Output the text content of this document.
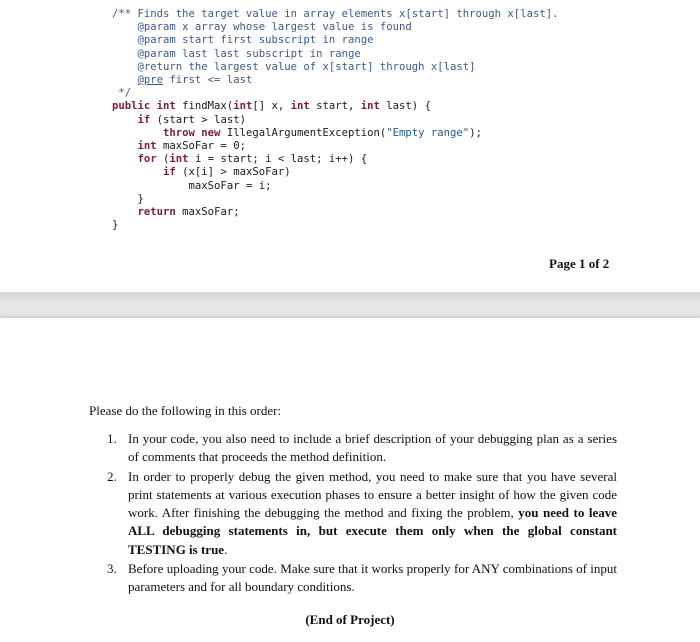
/** Finds the target value in array elements x[start] through x[last].
@param x array whose largest value is found
@param start first subscript in range
@param last last subscript in range
@return the largest value of x[start] through x[last]
@pre first <= last
*/
public int findMax(int[] x, int start, int last) {
if (start > last)
throw new IllegalArgumentException("Empty range");
int maxSoFar = 0;
for (int i = start; i < last; i++) {
if (x[i] > maxSoFar)
maxSoFar = i;
}
return maxSoFar;
}
Page 1 of 2
Please do the following in this order:
1. In your code, you also need to include a brief description of your debugging plan as a series of comments that proceeds the method definition.
2. In order to properly debug the given method, you need to make sure that you have several print statements at various execution phases to ensure a better insight of how the given code work. After finishing the debugging the method and fixing the problem, you need to leave ALL debugging statements in, but execute them only when the global constant TESTING is true.
3. Before uploading your code. Make sure that it works properly for ANY combinations of input parameters and for all boundary conditions.
(End of Project)
